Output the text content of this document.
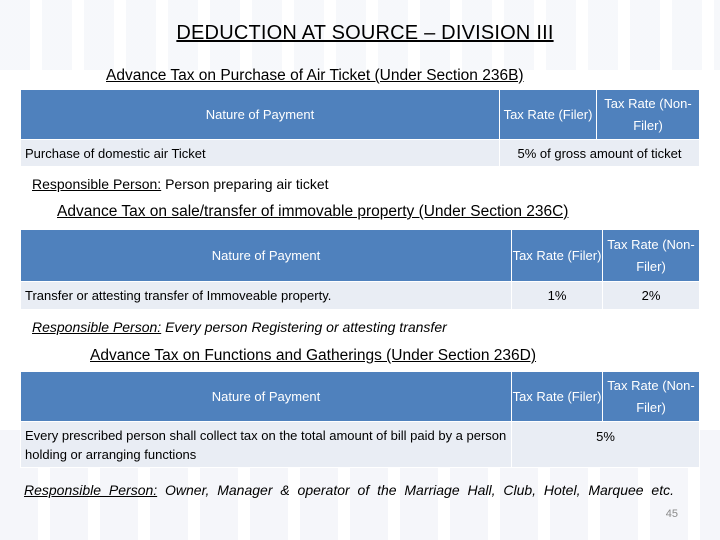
DEDUCTION AT SOURCE – DIVISION III
Advance Tax on Purchase of Air Ticket (Under Section 236B)
Nature of Payment	Tax Rate (Filer)	Tax Rate (Non-Filer)
Purchase of domestic air Ticket	5% of gross amount of ticket	
Responsible Person: Person preparing air ticket
Advance Tax on sale/transfer of immovable property (Under Section 236C)
Nature of Payment	Tax Rate (Filer)	Tax Rate (Non-Filer)
Transfer or attesting transfer of Immoveable property.	1%	2%
Responsible Person: Every person Registering or attesting transfer
Advance Tax on Functions and Gatherings (Under Section 236D)
Nature of Payment	Tax Rate (Filer)	Tax Rate (Non-Filer)
Every prescribed person shall collect tax on the total amount of bill paid by a person holding or arranging functions	5%	
Responsible Person: Owner, Manager & operator of the Marriage Hall, Club, Hotel, Marquee etc.
45
